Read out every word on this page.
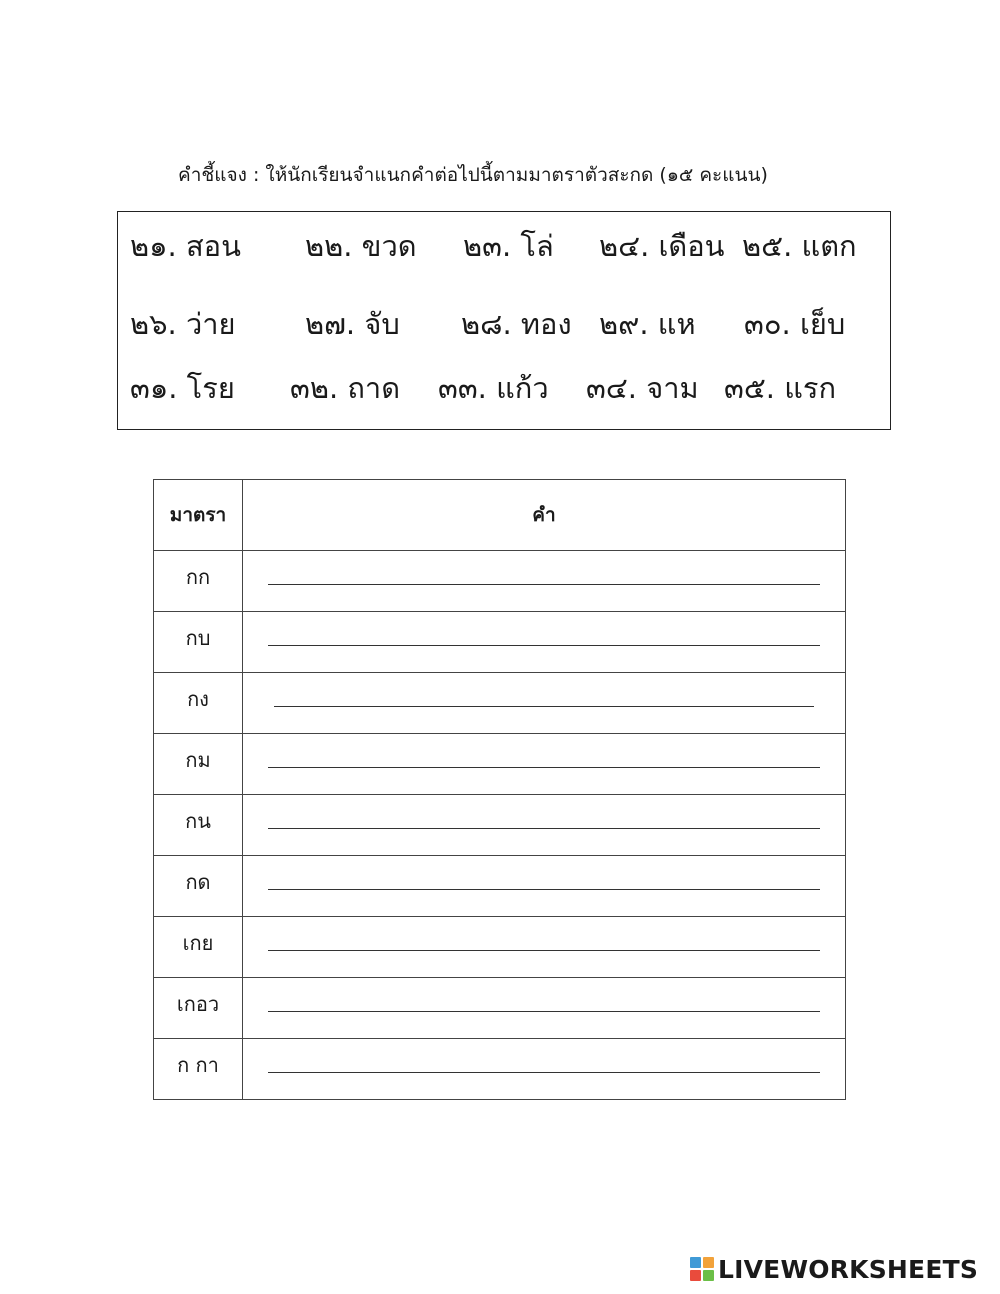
คำชี้แจง : ให้นักเรียนจำแนกคำต่อไปนี้ตามมาตราตัวสะกด (๑๕ คะแนน)
๒๑. สอน ๒๒. ขวด ๒๓. โล่ ๒๔. เดือน ๒๕. แตก
๒๖. ว่าย ๒๗. จับ ๒๘. ทอง ๒๙. แห ๓๐. เย็บ
๓๑. โรย ๓๒. ถาด ๓๓. แก้ว ๓๔. จาม ๓๕. แรก
มาตรา	คำ
กก	

กบ	

กง	

กม	

กน	

กด	

เกย	

เกอว	

ก กา	
LIVEWORKSHEETS
